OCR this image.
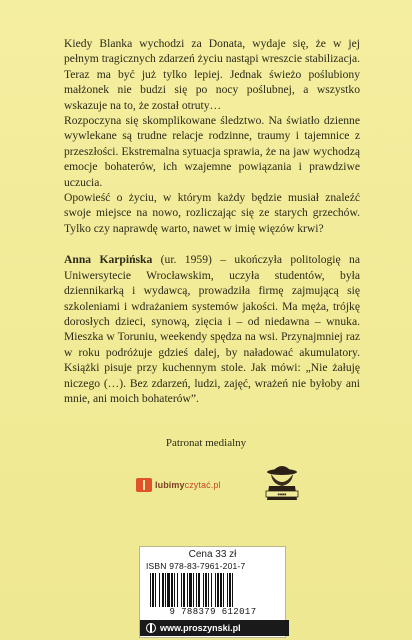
Kiedy Blanka wychodzi za Donata, wydaje się, że w jej pełnym tragicznych zdarzeń życiu nastąpi wreszcie stabilizacja. Teraz ma być już tylko lepiej. Jednak świeżo poślubiony małżonek nie budzi się po nocy poślubnej, a wszystko wskazuje na to, że został otruty…

Rozpoczyna się skomplikowane śledztwo. Na światło dzienne wywlekane są trudne relacje rodzinne, traumy i tajemnice z przeszłości. Ekstremalna sytuacja sprawia, że na jaw wychodzą emocje bohaterów, ich wzajemne powiązania i prawdziwe uczucia.

Opowieść o życiu, w którym każdy będzie musiał znaleźć swoje miejsce na nowo, rozliczając się ze starych grzechów. Tylko czy naprawdę warto, nawet w imię więzów krwi?

Anna Karpińska (ur. 1959) – ukończyła politologię na Uniwersytecie Wrocławskim, uczyła studentów, była dziennikarką i wydawcą, prowadziła firmę zajmującą się szkoleniami i wdrażaniem systemów jakości. Ma męża, trójkę dorosłych dzieci, synową, zięcia i – od niedawna – wnuka. Mieszka w Toruniu, weekendy spędza na wsi. Przynajmniej raz w roku podróżuje gdzieś dalej, by naładować akumulatory. Książki pisuje przy kuchennym stole. Jak mówi: „Nie żałuję niczego (…). Bez zdarzeń, ludzi, zajęć, wrażeń nie byłoby ani mnie, ani moich bohaterów”.

Patronat medialny
lubimyczytać.pl
■■■■
Cena 33 zł
ISBN 978-83-7961-201-7
9 788379 612017
www.proszynski.pl
